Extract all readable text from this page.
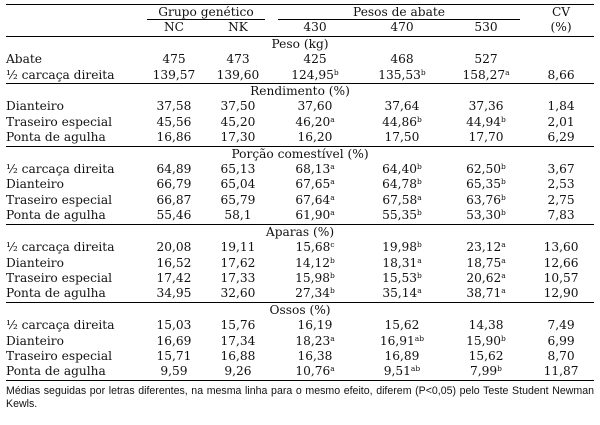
	Grupo genético		Pesos de abate			CV
	NC	NK	430	470	530	(%)
Peso (kg)						
Abate	475	473	425	468	527	
½ carcaça direita	139,57	139,60	124,95$^b$	135,53$^b$	158,27$^a$	8,66
Rendimento (%)						
Dianteiro	37,58	37,50	37,60	37,64	37,36	1,84
Traseiro especial	45,56	45,20	46,20$^a$	44,86$^b$	44,94$^b$	2,01
Ponta de agulha	16,86	17,30	16,20	17,50	17,70	6,29
Porção comestível (%)						
½ carcaça direita	64,89	65,13	68,13$^a$	64,40$^b$	62,50$^b$	3,67
Dianteiro	66,79	65,04	67,65$^a$	64,78$^b$	65,35$^b$	2,53
Traseiro especial	66,87	65,79	67,64$^a$	67,58$^a$	63,76$^b$	2,75
Ponta de agulha	55,46	58,1	61,90$^a$	55,35$^b$	53,30$^b$	7,83
Aparas (%)						
½ carcaça direita	20,08	19,11	15,68$^c$	19,98$^b$	23,12$^a$	13,60
Dianteiro	16,52	17,62	14,12$^b$	18,31$^a$	18,75$^a$	12,66
Traseiro especial	17,42	17,33	15,98$^b$	15,53$^b$	20,62$^a$	10,57
Ponta de agulha	34,95	32,60	27,34$^b$	35,14$^a$	38,71$^a$	12,90
Ossos (%)						
½ carcaça direita	15,03	15,76	16,19	15,62	14,38	7,49
Dianteiro	16,69	17,34	18,23$^a$	16,91$^{ab}$	15,90$^b$	6,99
Traseiro especial	15,71	16,88	16,38	16,89	15,62	8,70
Ponta de agulha	9,59	9,26	10,76$^a$	9,51$^{ab}$	7,99$^b$	11,87
Médias seguidas por letras diferentes, na mesma linha para o mesmo efeito, diferem (P<0,05) pelo Teste Student Newman Kewls.
